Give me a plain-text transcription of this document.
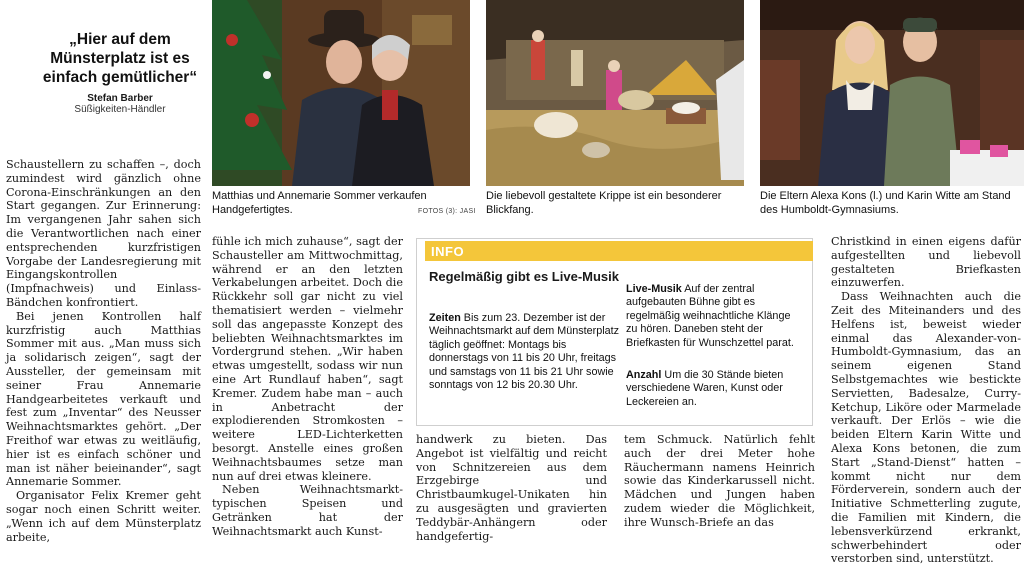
„Hier auf dem Münsterplatz ist es einfach gemütlicher“
Stefan Barber
Süßigkeiten-Händler
Matthias und Annemarie Sommer verkaufen Handgefertigtes.	FOTOS (3): JASI
Die liebevoll gestaltete Krippe ist ein besonderer Blickfang.
Die Eltern Alexa Kons (l.) und Karin Witte am Stand des Humboldt-Gymnasiums.

Schaustellern zu schaffen –, doch zumindest wird gänzlich ohne Corona-Einschränkungen an den Start gegangen. Zur Erinnerung: Im vergangenen Jahr sahen sich die Verantwortlichen nach einer entsprechenden kurzfristigen Vorgabe der Landesregierung mit Eingangskontrollen (Impfnachweis) und Einlass-Bändchen konfrontiert.

Bei jenen Kontrollen half kurzfristig auch Matthias Sommer mit aus. „Man muss sich ja solidarisch zeigen“, sagt der Aussteller, der gemeinsam mit seiner Frau Annemarie Handgearbeitetes verkauft und fest zum „Inventar“ des Neusser Weihnachtsmarktes gehört. „Der Freithof war etwas zu weitläufig, hier ist es einfach schöner und man ist näher beieinander“, sagt Annemarie Sommer.

Organisator Felix Kremer geht sogar noch einen Schritt weiter. „Wenn ich auf dem Münsterplatz arbeite,

fühle ich mich zuhause“, sagt der Schausteller am Mittwochmittag, während er an den letzten Verkabelungen arbeitet. Doch die Rückkehr soll gar nicht zu viel thematisiert werden – vielmehr soll das angepasste Konzept des beliebten Weihnachtsmarktes im Vordergrund stehen. „Wir haben etwas umgestellt, sodass wir nun eine Art Rundlauf haben“, sagt Kremer. Zudem habe man – auch in Anbetracht der explodierenden Stromkosten – weitere LED-Lichterketten besorgt. Anstelle eines großen Weihnachtsbaumes setze man nun auf drei etwas kleinere.

Neben Weihnachtsmarkt-typischen Speisen und Getränken hat der Weihnachtsmarkt auch Kunst-

INFO
Regelmäßig gibt es Live-Musik
Zeiten Bis zum 23. Dezember ist der Weihnachtsmarkt auf dem Münsterplatz täglich geöffnet: Montags bis donnerstags von 11 bis 20 Uhr, freitags und samstags von 11 bis 21 Uhr sowie sonntags von 12 bis 20.30 Uhr.
Live-Musik Auf der zentral aufgebauten Bühne gibt es regelmäßig weihnachtliche Klänge zu hören. Daneben steht der Briefkasten für Wunschzettel parat.
Anzahl Um die 30 Stände bieten verschiedene Waren, Kunst oder Leckereien an.

handwerk zu bieten. Das Angebot ist vielfältig und reicht von Schnitzereien aus dem Erzgebirge und Christbaumkugel-Unikaten hin zu ausgesägten und gravierten Teddybär-Anhängern oder handgefertig-

tem Schmuck. Natürlich fehlt auch der drei Meter hohe Räuchermann namens Heinrich sowie das Kinderkarussell nicht. Mädchen und Jungen haben zudem wieder die Möglichkeit, ihre Wunsch-Briefe an das

Christkind in einen eigens dafür aufgestellten und liebevoll gestalteten Briefkasten einzuwerfen.

Dass Weihnachten auch die Zeit des Miteinanders und des Helfens ist, beweist wieder einmal das Alexander-von-Humboldt-Gymnasium, das an seinem eigenen Stand Selbstgemachtes wie bestickte Servietten, Badesalze, Curry-Ketchup, Liköre oder Marmelade verkauft. Der Erlös – wie die beiden Eltern Karin Witte und Alexa Kons betonen, die zum Start „Stand-Dienst“ hatten – kommt nicht nur dem Förderverein, sondern auch der Initiative Schmetterling zugute, die Familien mit Kindern, die lebensverkürzend erkrankt, schwerbehindert oder verstorben sind, unterstützt.
